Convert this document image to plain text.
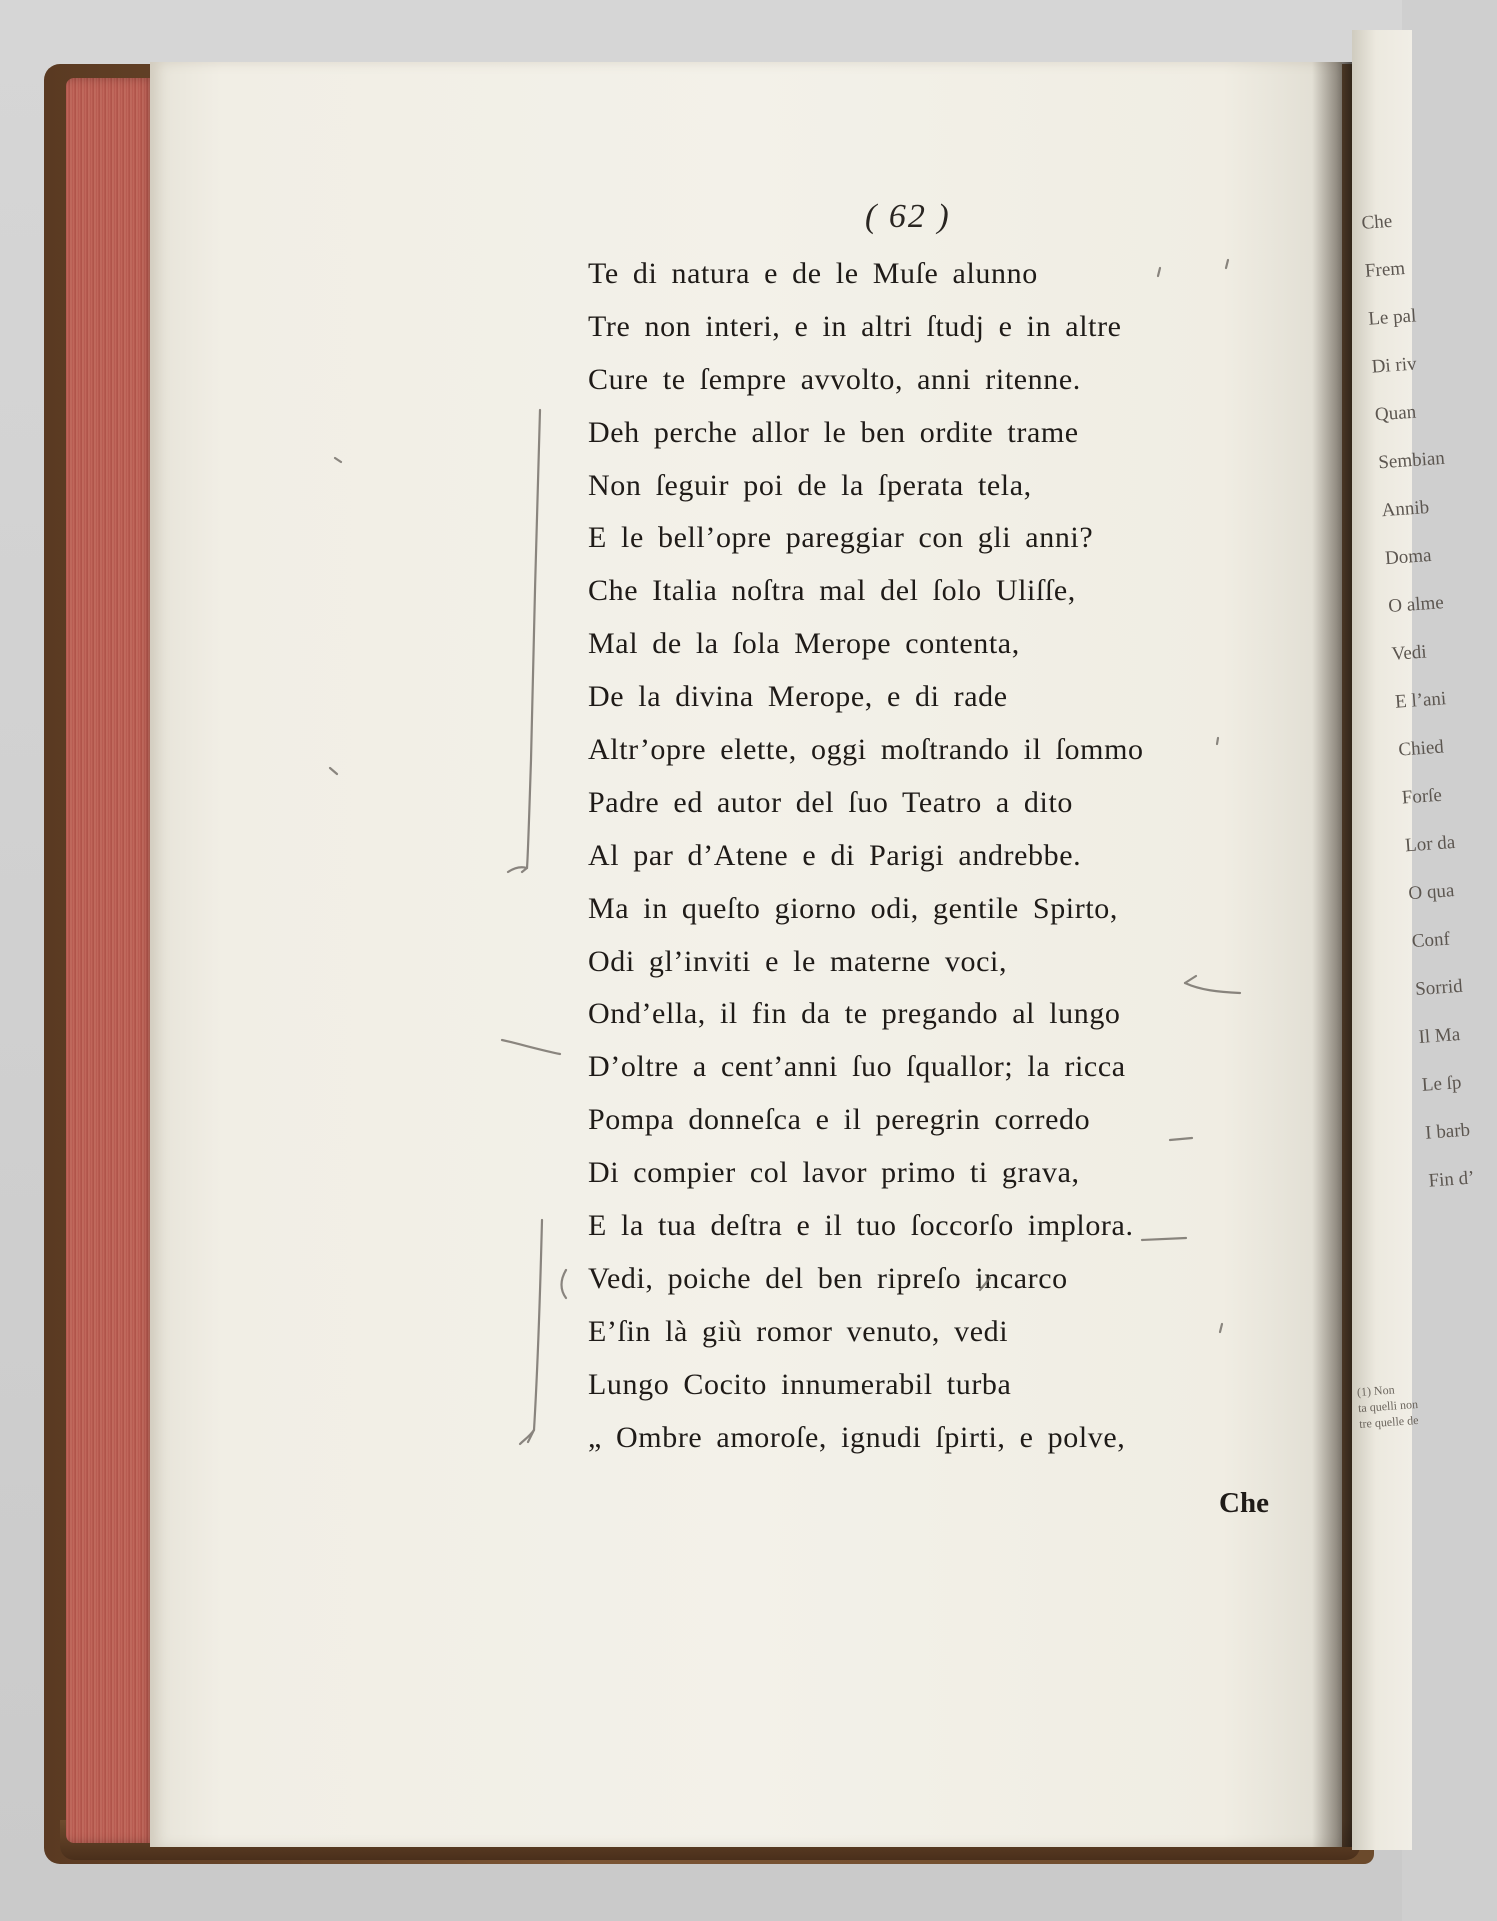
Che
Frem
Le pal
Di riv
Quan
Sembian
Annib
Doma
O alme
Vedi
E l’ani
Chied
Forſe
Lor da
O qua
Conf
Sorrid
Il Ma
Le ſp
I barb
Fin d’
(1) Non
ta quelli non
tre quelle de
( 62 )
Te di natura e de le Muſe alunno
Tre non interi, e in altri ſtudj e in altre
Cure te ſempre avvolto, anni ritenne.
Deh perche allor le ben ordite trame
Non ſeguir poi de la ſperata tela,
E le bell’opre pareggiar con gli anni?
Che Italia noſtra mal del ſolo Uliſſe,
Mal de la ſola Merope contenta,
De la divina Merope, e di rade
Altr’opre elette, oggi moſtrando il ſommo
Padre ed autor del ſuo Teatro a dito
Al par d’Atene e di Parigi andrebbe.
Ma in queſto giorno odi, gentile Spirto,
Odi gl’inviti e le materne voci,
Ond’ella, il fin da te pregando al lungo
D’oltre a cent’anni ſuo ſquallor; la ricca
Pompa donneſca e il peregrin corredo
Di compier col lavor primo ti grava,
E la tua deſtra e il tuo ſoccorſo implora.
Vedi, poiche del ben ripreſo incarco
E’ſin là giù romor venuto, vedi
Lungo Cocito innumerabil turba
„ Ombre amoroſe, ignudi ſpirti, e polve,
Che
